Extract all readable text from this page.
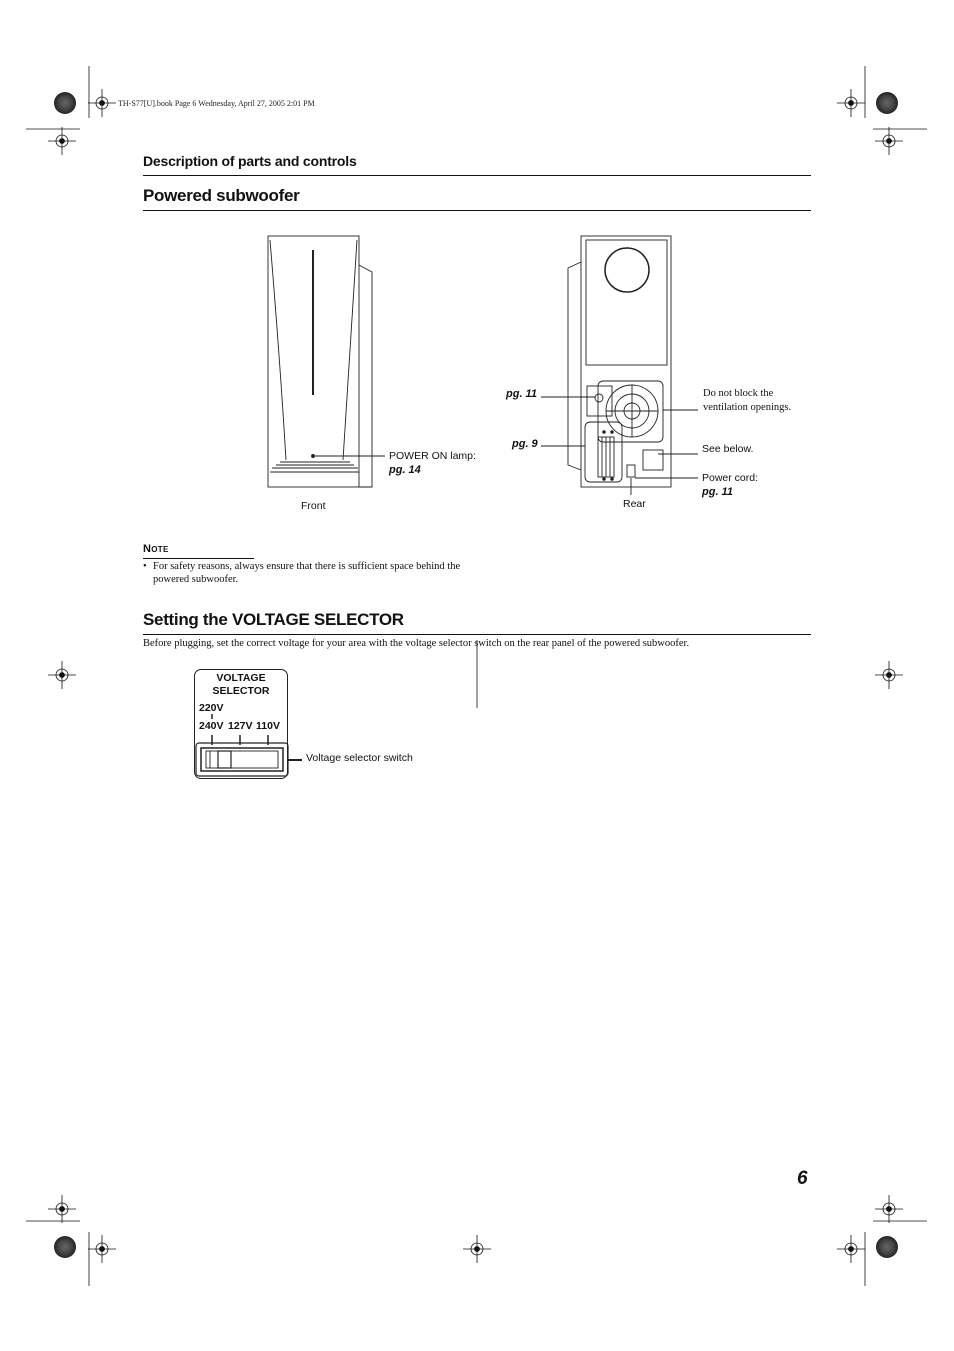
TH-S77[U].book Page 6 Wednesday, April 27, 2005 2:01 PM
Description of parts and controls
Powered subwoofer
Front	Rear
POWER ON lamp:
pg. 14
pg. 11
pg. 9
Do not block the
ventilation openings.
See below.
Power cord:
pg. 11
Note
• For safety reasons, always ensure that there is sufficient space behind the powered subwoofer.
Setting the VOLTAGE SELECTOR
Before plugging, set the correct voltage for your area with the voltage selector switch on the rear panel of the powered subwoofer.
VOLTAGE
SELECTOR
220V
240V 127V 110V
Voltage selector switch
6
